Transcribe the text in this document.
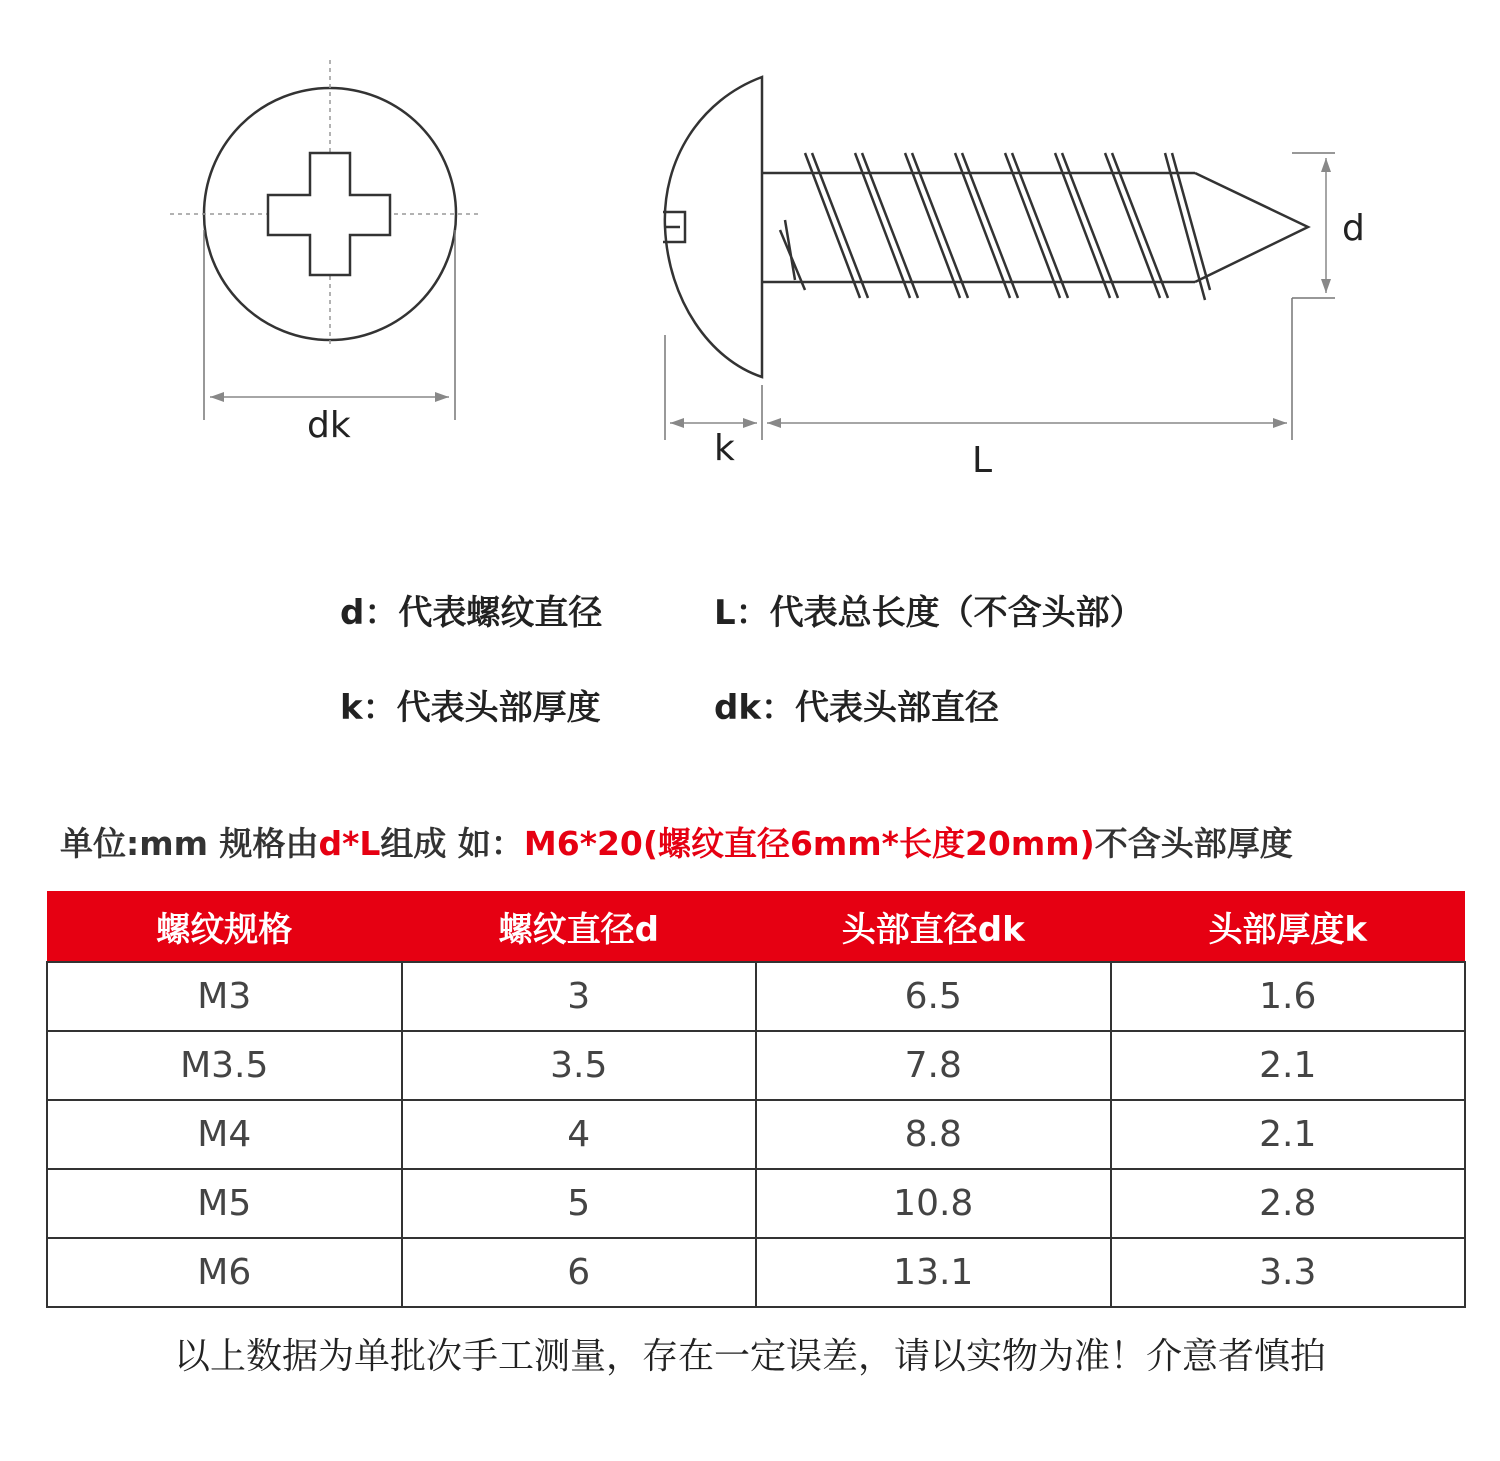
dk
k	L
d
d：代表螺纹直径	L：代表总长度（不含头部）
k：代表头部厚度	dk：代表头部直径
单位:mm 规格由d*L组成 如：M6*20(螺纹直径6mm*长度20mm)不含头部厚度
螺纹规格	螺纹直径d	头部直径dk	头部厚度k
M3	3	6.5	1.6
M3.5	3.5	7.8	2.1
M4	4	8.8	2.1
M5	5	10.8	2.8
M6	6	13.1	3.3
以上数据为单批次手工测量，存在一定误差，请以实物为准！介意者慎拍
